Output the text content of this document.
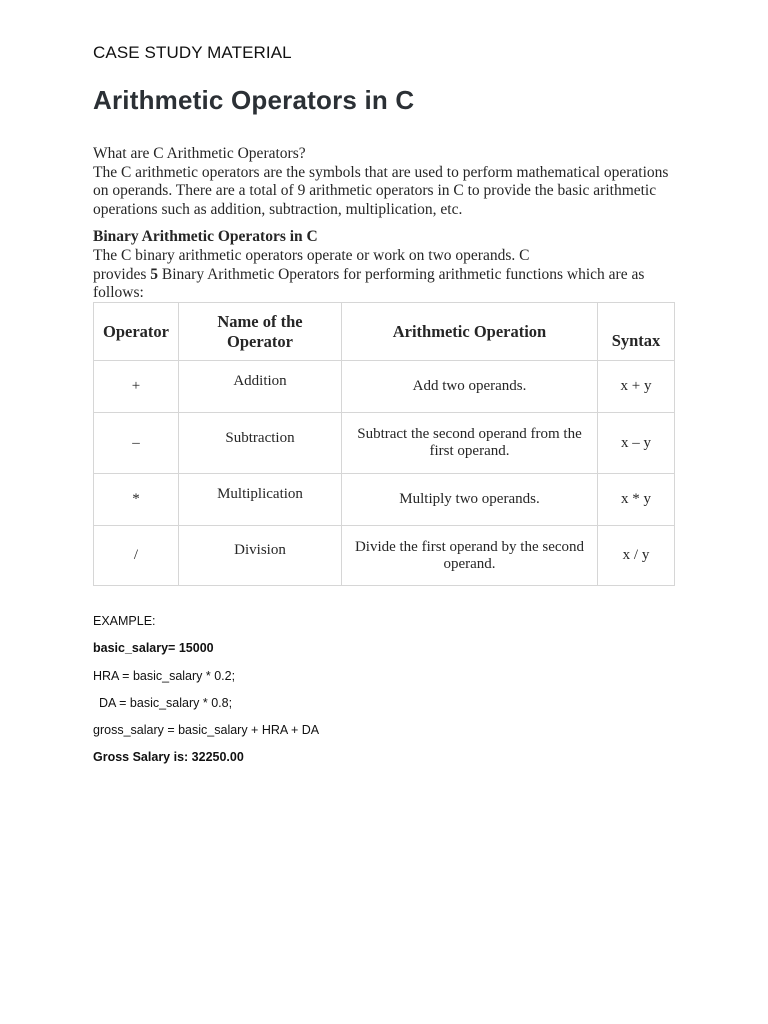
CASE STUDY MATERIAL
Arithmetic Operators in C

What are C Arithmetic Operators?

The C arithmetic operators are the symbols that are used to perform mathematical operations on operands. There are a total of 9 arithmetic operators in C to provide the basic arithmetic operations such as addition, subtraction, multiplication, etc.

Binary Arithmetic Operators in C

The C binary arithmetic operators operate or work on two operands. C

provides 5 Binary Arithmetic Operators for performing arithmetic functions which are as follows:

Operator	Name of the Operator	Arithmetic Operation	Syntax
+	Addition	Add two operands.	x + y
–	Subtraction	Subtract the second operand from the first operand.	x – y
*	Multiplication	Multiply two operands.	x * y
/	Division	Divide the first operand by the second operand.	x / y
EXAMPLE:
basic_salary= 15000
HRA = basic_salary * 0.2;
DA = basic_salary * 0.8;
gross_salary = basic_salary + HRA + DA
Gross Salary is: 32250.00
